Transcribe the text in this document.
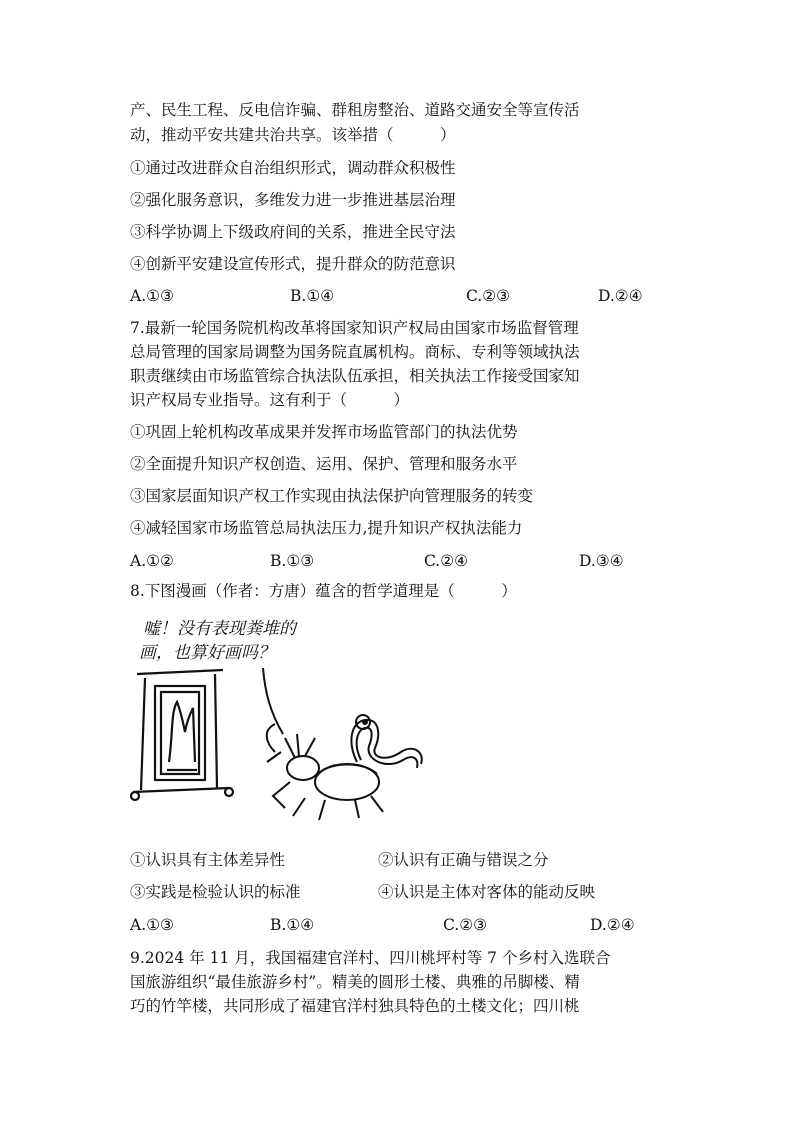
产、民生工程、反电信诈骗、群租房整治、道路交通安全等宣传活
动，推动平安共建共治共享。该举措（　　　）
①通过改进群众自治组织形式，调动群众积极性
②强化服务意识，多维发力进一步推进基层治理
③科学协调上下级政府间的关系，推进全民守法
④创新平安建设宣传形式，提升群众的防范意识
A.①③	B.①④	C.②③	D.②④
7.最新一轮国务院机构改革将国家知识产权局由国家市场监督管理
总局管理的国家局调整为国务院直属机构。商标、专利等领域执法
职责继续由市场监管综合执法队伍承担，相关执法工作接受国家知
识产权局专业指导。这有利于（　　　）
①巩固上轮机构改革成果并发挥市场监管部门的执法优势
②全面提升知识产权创造、运用、保护、管理和服务水平
③国家层面知识产权工作实现由执法保护向管理服务的转变
④减轻国家市场监管总局执法压力,提升知识产权执法能力
A.①②	B.①③	C.②④	D.③④
8.下图漫画（作者：方唐）蕴含的哲学道理是（　　　）
嘘！没有表现粪堆的
画，也算好画吗？
①认识具有主体差异性	②认识有正确与错误之分
③实践是检验认识的标准	④认识是主体对客体的能动反映
A.①③	B.①④	C.②③	D.②④
9.2024 年 11 月，我国福建官洋村、四川桃坪村等 7 个乡村入选联合
国旅游组织“最佳旅游乡村”。精美的圆形土楼、典雅的吊脚楼、精
巧的竹竿楼，共同形成了福建官洋村独具特色的土楼文化；四川桃
